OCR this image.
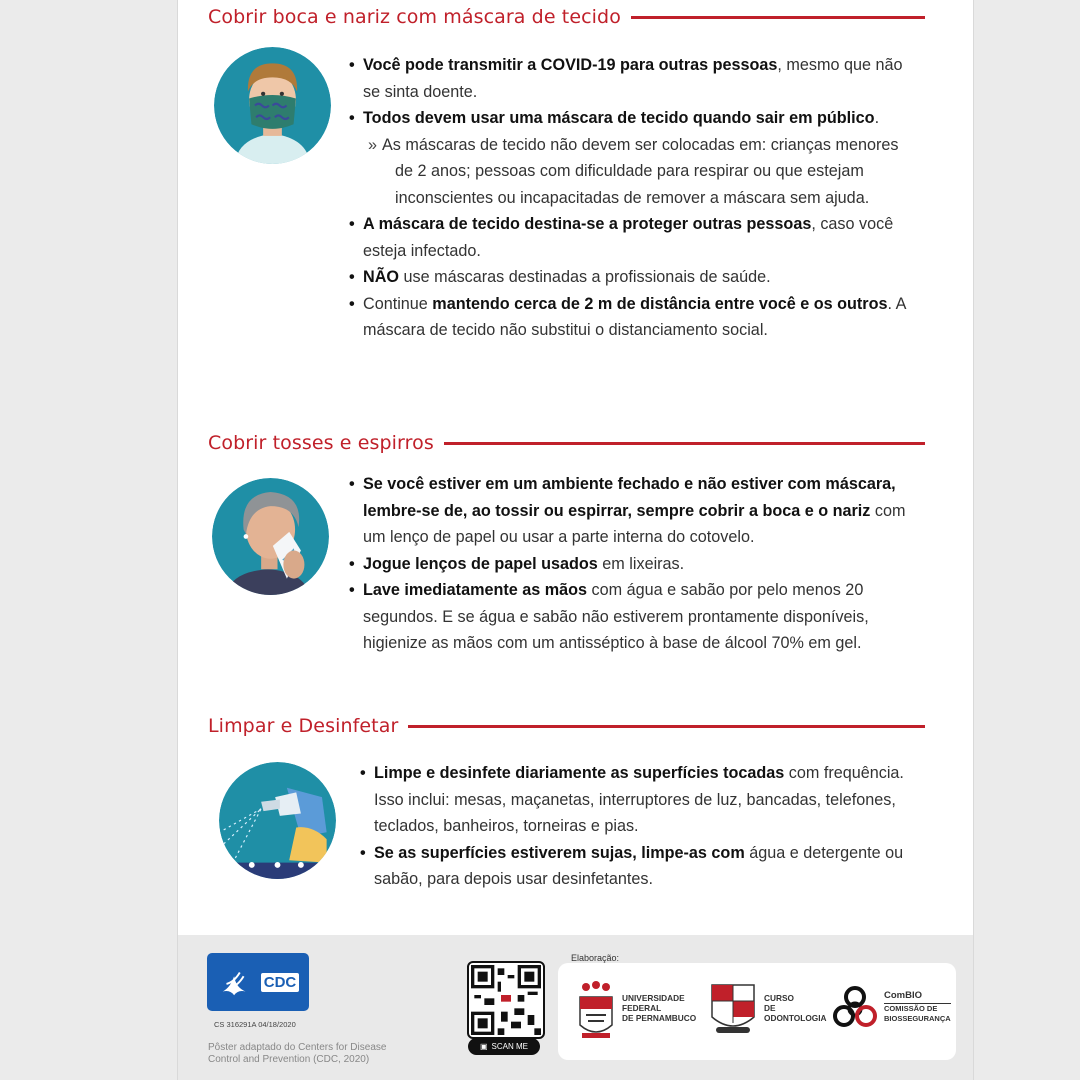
Cobrir boca e nariz com máscara de tecido
• Você pode transmitir a COVID-19 para outras pessoas, mesmo que não se sinta doente.
• Todos devem usar uma máscara de tecido quando sair em público.
» As máscaras de tecido não devem ser colocadas em: crianças menores de 2 anos; pessoas com dificuldade para respirar ou que estejam inconscientes ou incapacitadas de remover a máscara sem ajuda.
• A máscara de tecido destina-se a proteger outras pessoas, caso você esteja infectado.
• NÃO use máscaras destinadas a profissionais de saúde.
• Continue mantendo cerca de 2 m de distância entre você e os outros. A máscara de tecido não substitui o distanciamento social.
Cobrir tosses e espirros
• Se você estiver em um ambiente fechado e não estiver com máscara, lembre-se de, ao tossir ou espirrar, sempre cobrir a boca e o nariz com um lenço de papel ou usar a parte interna do cotovelo.
• Jogue lenços de papel usados em lixeiras.
• Lave imediatamente as mãos com água e sabão por pelo menos 20 segundos. E se água e sabão não estiverem prontamente disponíveis, higienize as mãos com um antisséptico à base de álcool 70% em gel.
Limpar e Desinfetar
• Limpe e desinfete diariamente as superfícies tocadas com frequência. Isso inclui: mesas, maçanetas, interruptores de luz, bancadas, telefones, teclados, banheiros, torneiras e pias.
• Se as superfícies estiverem sujas, limpe-as com água e detergente ou sabão, para depois usar desinfetantes.
CDC
CS 316291A 04/18/2020
Pôster adaptado do Centers for Disease Control and Prevention (CDC, 2020)
▣ SCAN ME
Elaboração:
UNIVERSIDADE
FEDERAL
DE PERNAMBUCO
CURSO
DE
ODONTOLOGIA
ComBIO
COMISSÃO DE
BIOSSEGURANÇA
